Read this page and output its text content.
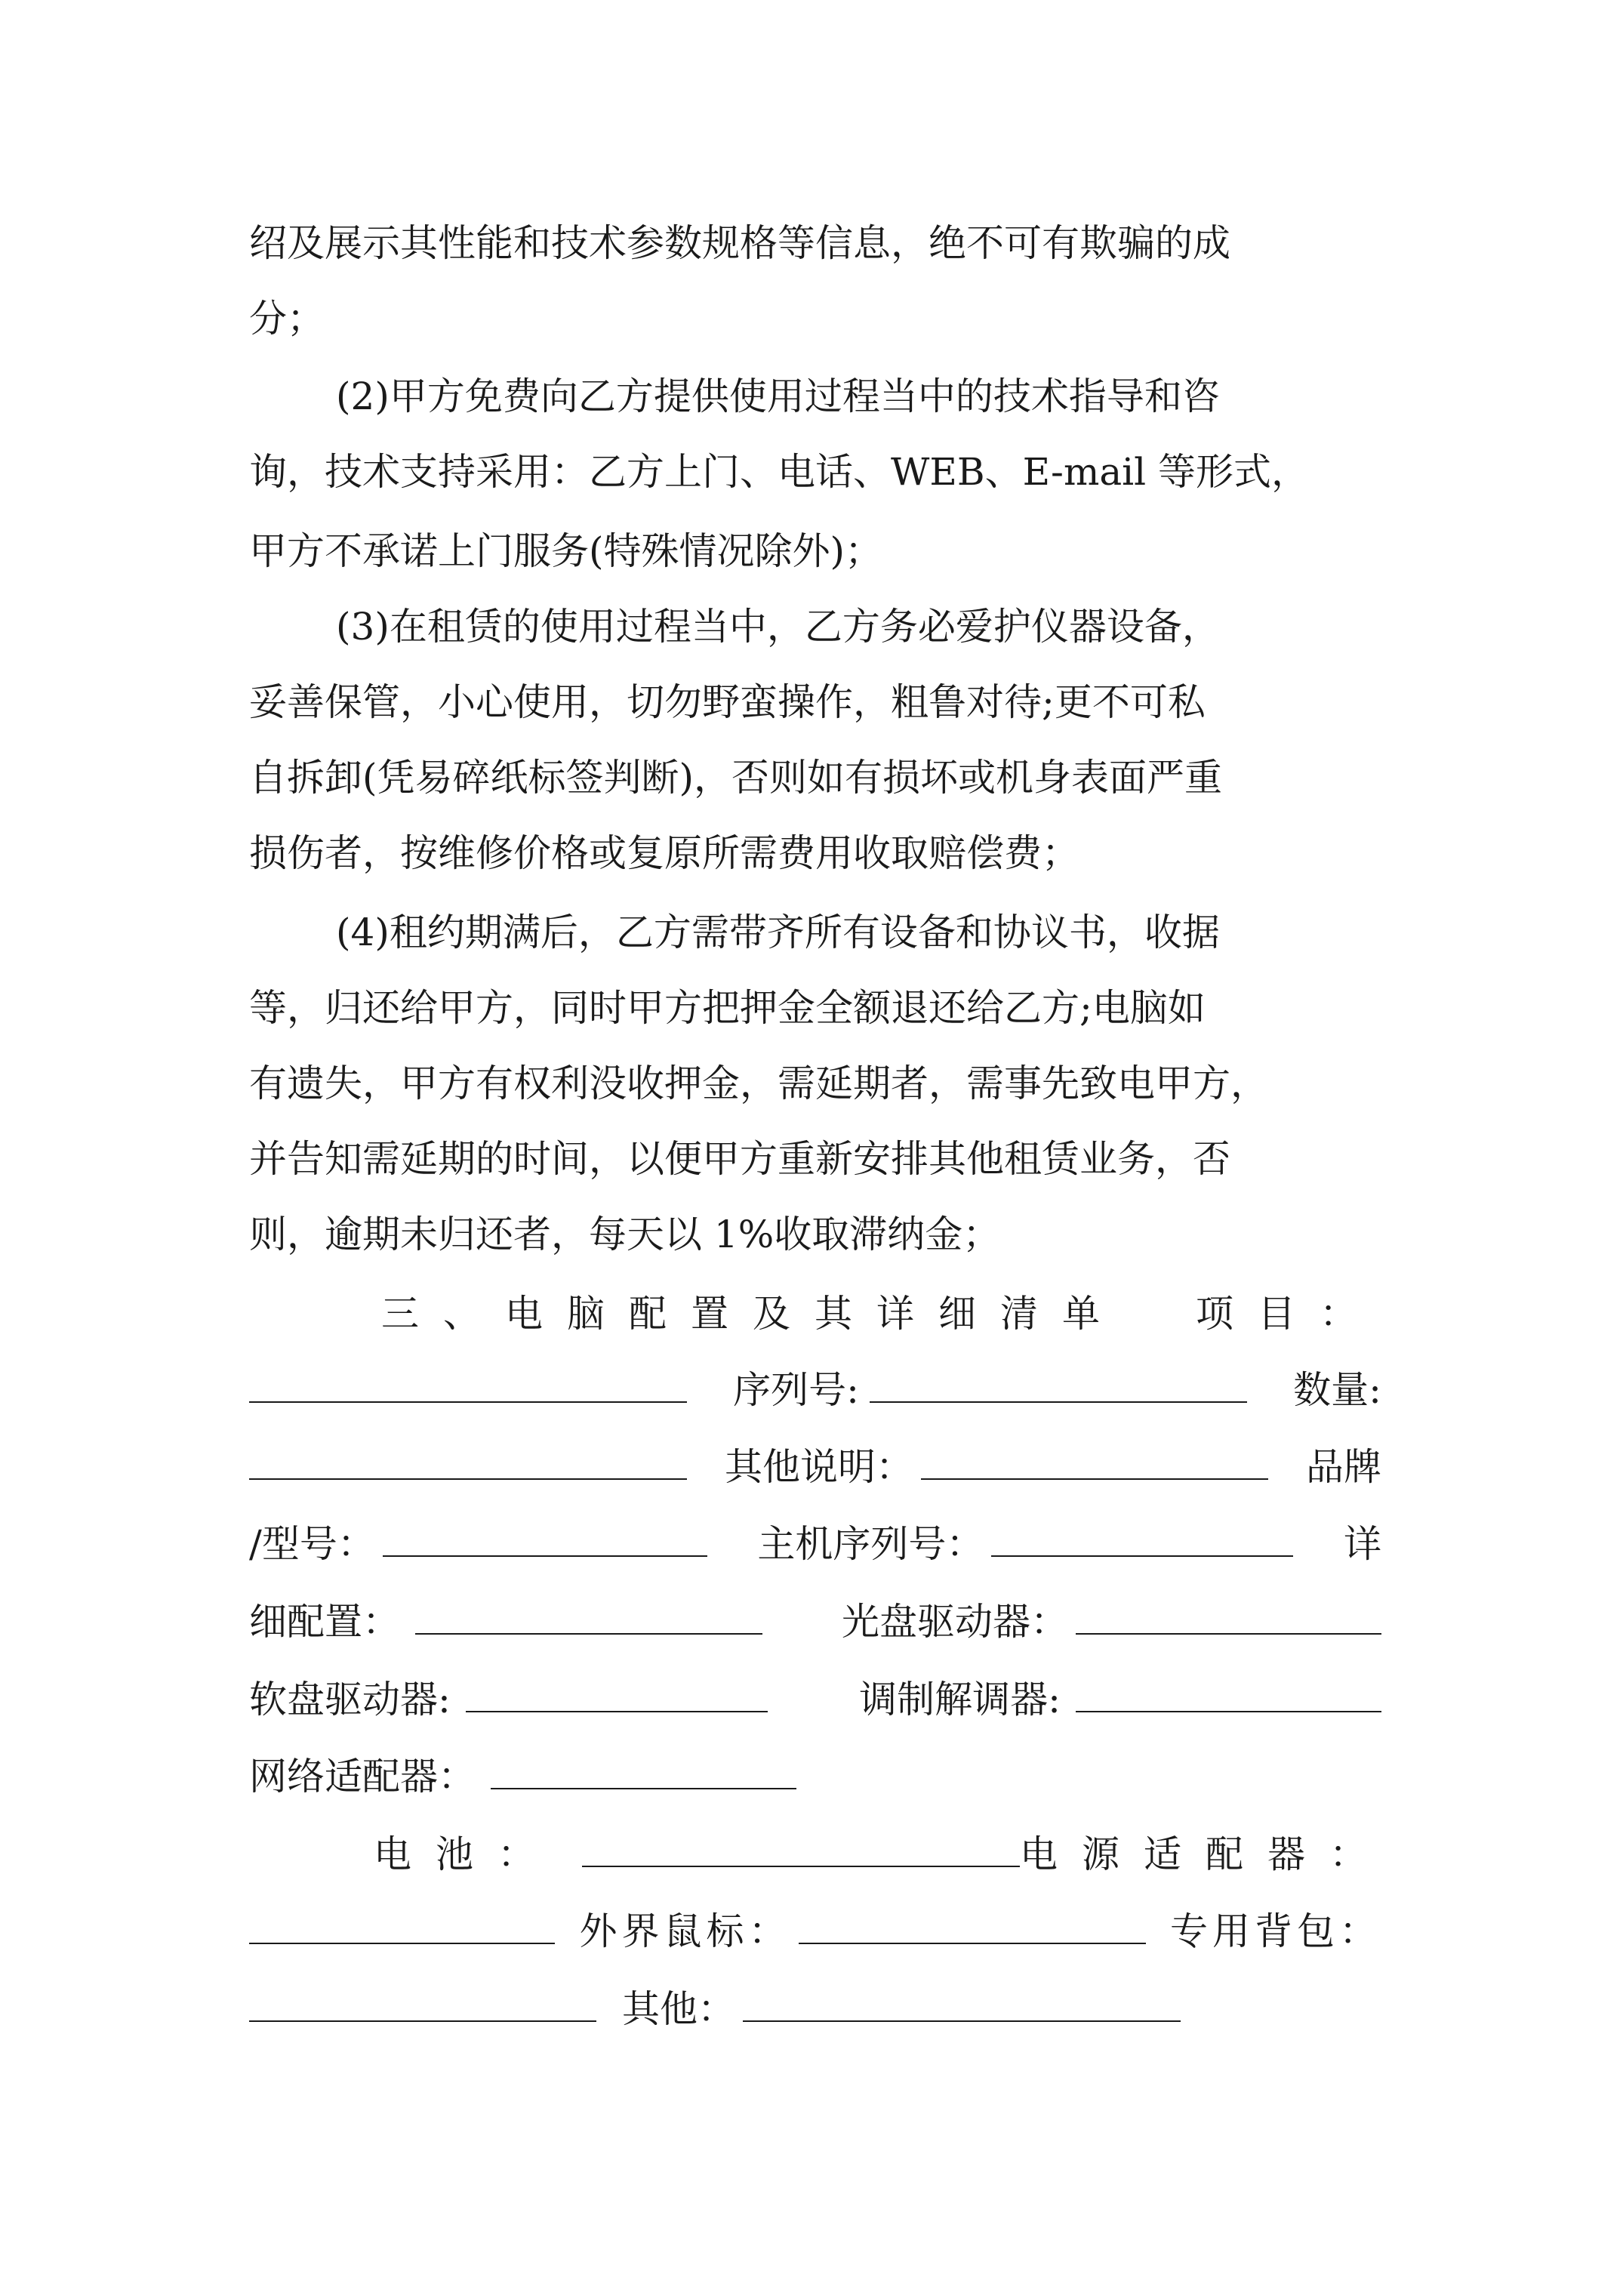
绍及展示其性能和技术参数规格等信息，绝不可有欺骗的成
分；
(2)甲方免费向乙方提供使用过程当中的技术指导和咨
询，技术支持采用：乙方上门、电话、WEB、E-mail 等形式，
甲方不承诺上门服务(特殊情况除外)；
(3)在租赁的使用过程当中，乙方务必爱护仪器设备，
妥善保管，小心使用，切勿野蛮操作，粗鲁对待;更不可私
自拆卸(凭易碎纸标签判断)，否则如有损坏或机身表面严重
损伤者，按维修价格或复原所需费用收取赔偿费；
(4)租约期满后，乙方需带齐所有设备和协议书，收据
等，归还给甲方，同时甲方把押金全额退还给乙方;电脑如
有遗失，甲方有权利没收押金，需延期者，需事先致电甲方，
并告知需延期的时间，以便甲方重新安排其他租赁业务，否
则，逾期未归还者，每天以 1%收取滞纳金；
三、电脑配置及其详细清单 项目：
序列号:	数量:
其他说明：	品牌
/型号：	主机序列号：	详
细配置：	光盘驱动器：
软盘驱动器:	调制解调器:
网络适配器：
电池：	电源适配器：
外界鼠标：	专用背包：
其他：
